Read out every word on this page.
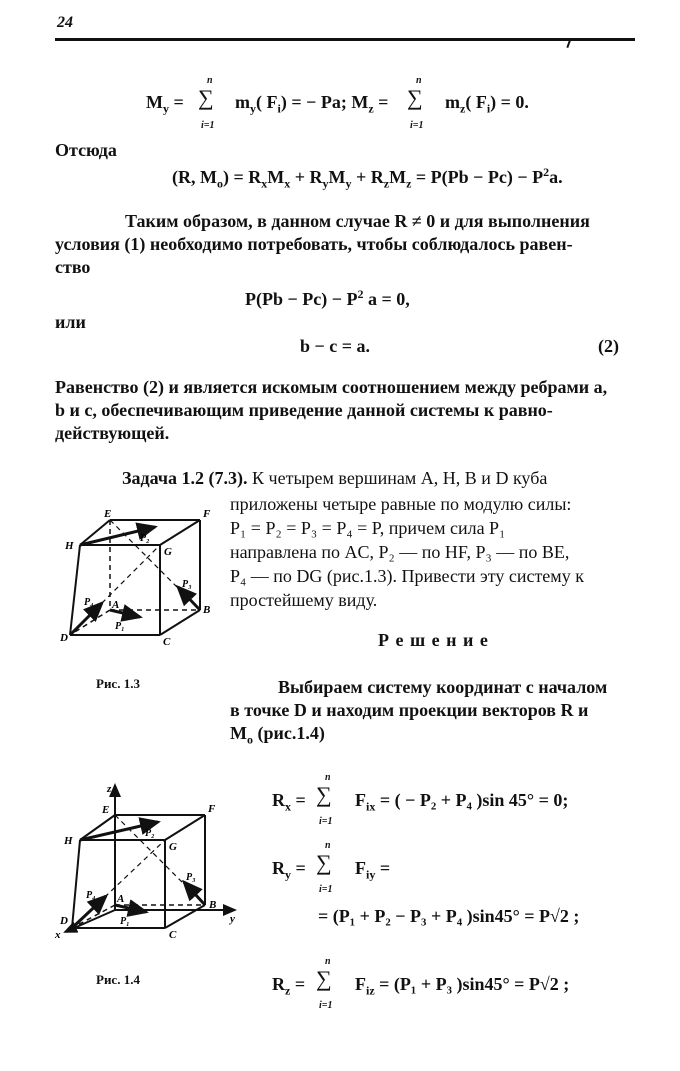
24
$M_y$ =
n
∑
i=1
$m_y$( $F_i$) = − Pa; $M_z$ =
n
∑
i=1
$m_z$( $F_i) = 0$.
Отсюда
(R, $M_o) = R_xM_x + R_yM_y + R_zM_z = P(Pb - Pc) - P^2a$.
Таким образом, в данном случае R ≠ 0 и для выполнения
условия (1) необходимо потребовать, чтобы соблюдалось равен-
ство
$P(Pb - Pc) - P^2$ a = 0,
или
b − c = a.	(2)
Равенство (2) и является искомым соотношением между ребрами a,
b и c, обеспечивающим приведение данной системы к равно-
действующей.
Задача 1.2 (7.3). К четырем вершинам A, H, B и D куба
приложены четыре равные по модулю силы:
P₁ = P₂ = P₃ = P₄ = P, причем сила P₁
направлена по AC, P₂ — по HF, P₃ — по BE,
P₄ — по DG (рис.1.3). Привести эту систему к
простейшему виду.
Р е ш е н и е
E	F
H	G
A	B
D	C
P₂
P₄
P₁
P₃
Рис. 1.3	Выбираем систему координат с началом
в точке D и находим проекции векторов R и
$M_o$ (рис.1.4)
z
E	F
H	G
A	B
D
x
y
C
P₂
P₄
P₁
P₃
Рис. 1.4
$R_x$ =
n
∑
i=1
$F_{ix}$ = ( − P₂ + P₄ )sin 45° = 0;
$R_y$ =
n
∑
i=1
$F_{iy}$ =
= (P₁ + P₂ − P₃ + P₄ )sin45° = P√2 ;
$R_z$ =
n
∑
i=1
$F_{iz} = (P_1 + P_3$ )sin45° = P√2 ;
